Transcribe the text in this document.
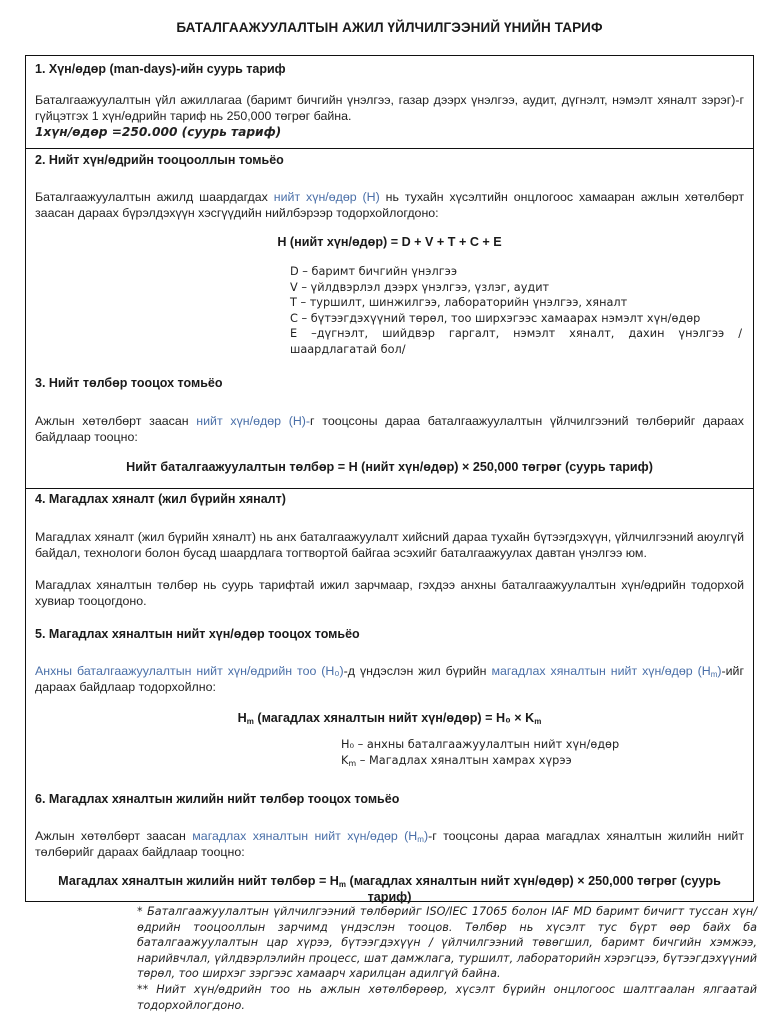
БАТАЛГААЖУУЛАЛТЫН АЖИЛ ҮЙЛЧИЛГЭЭНИЙ ҮНИЙН ТАРИФ
1. Хүн/өдөр (man-days)-ийн суурь тариф
Баталгаажуулалтын үйл ажиллагаа (баримт бичгийн үнэлгээ, газар дээрх үнэлгээ, аудит, дүгнэлт, нэмэлт хяналт зэрэг)-г гүйцэтгэх 1 хүн/өдрийн тариф нь 250,000 төгрөг байна.
1хүн/өдөр =250.000 (суурь тариф)
2. Нийт хүн/өдрийн тооцооллын томьёо
Баталгаажуулалтын ажилд шаардагдах нийт хүн/өдөр (Н) нь тухайн хүсэлтийн онцлогоос хамааран ажлын хөтөлбөрт заасан дараах бүрэлдэхүүн хэсгүүдийн нийлбэрээр тодорхойлогдоно:
Н (нийт хүн/өдөр) = D + V + T + C + E
D – баримт бичгийн үнэлгээ
V – үйлдвэрлэл дээрх үнэлгээ, үзлэг, аудит
T – туршилт, шинжилгээ, лабораторийн үнэлгээ, хяналт
C – бүтээгдэхүүний төрөл, тоо ширхэгээс хамаарах нэмэлт хүн/өдөр
E –дүгнэлт, шийдвэр гаргалт, нэмэлт хяналт, дахин үнэлгээ /шаардлагатай бол/
3. Нийт төлбөр тооцох томьёо
Ажлын хөтөлбөрт заасан нийт хүн/өдөр (Н)-г тооцсоны дараа баталгаажуулалтын үйлчилгээний төлбөрийг дараах байдлаар тооцно:
Нийт баталгаажуулалтын төлбөр = Н (нийт хүн/өдөр) × 250,000 төгрөг (суурь тариф)
4. Магадлах хяналт (жил бүрийн хяналт)
Магадлах хяналт (жил бүрийн хяналт) нь анх баталгаажуулалт хийсний дараа тухайн бүтээгдэхүүн, үйлчилгээний аюулгүй байдал, технологи болон бусад шаардлага тогтвортой байгаа эсэхийг баталгаажуулах давтан үнэлгээ юм.
Магадлах хяналтын төлбөр нь суурь тарифтай ижил зарчмаар, гэхдээ анхны баталгаажуулалтын хүн/өдрийн тодорхой хувиар тооцогдоно.
5. Магадлах хяналтын нийт хүн/өдөр тооцох томьёо
Анхны баталгаажуулалтын нийт хүн/өдрийн тоо (Н₀)-д үндэслэн жил бүрийн магадлах хяналтын нийт хүн/өдөр $(Н_m)$-ийг дараах байдлаар тодорхойлно:
$Н_m$ (магадлах хяналтын нийт хүн/өдөр) = $Н_0 \times K_m$
Н₀ – анхны баталгаажуулалтын нийт хүн/өдөр
$K_m$ – Магадлах хяналтын хамрах хүрээ
6. Магадлах хяналтын жилийн нийт төлбөр тооцох томьёо
Ажлын хөтөлбөрт заасан магадлах хяналтын нийт хүн/өдөр $(Н_m)-г$ тооцсоны дараа магадлах хяналтын жилийн нийт төлбөрийг дараах байдлаар тооцно:
Магадлах хяналтын жилийн нийт төлбөр = $Н_m$ (магадлах хяналтын нийт хүн/өдөр) × 250,000 төгрөг (суурь тариф)
* Баталгаажуулалтын үйлчилгээний төлбөрийг ISO/IEC 17065 болон IAF MD баримт бичигт туссан хүн/өдрийн тооцооллын зарчимд үндэслэн тооцов. Төлбөр нь хүсэлт тус бүрт өөр байх ба баталгаажуулалтын цар хүрээ, бүтээгдэхүүн / үйлчилгээний төвөгшил, баримт бичгийн хэмжээ, нарийвчлал, үйлдвэрлэлийн процесс, шат дамжлага, туршилт, лабораторийн хэрэгцээ, бүтээгдэхүүний төрөл, тоо ширхэг зэргээс хамаарч харилцан адилгүй байна.
** Нийт хүн/өдрийн тоо нь ажлын хөтөлбөрөөр, хүсэлт бүрийн онцлогоос шалтгаалан ялгаатай тодорхойлогдоно.
